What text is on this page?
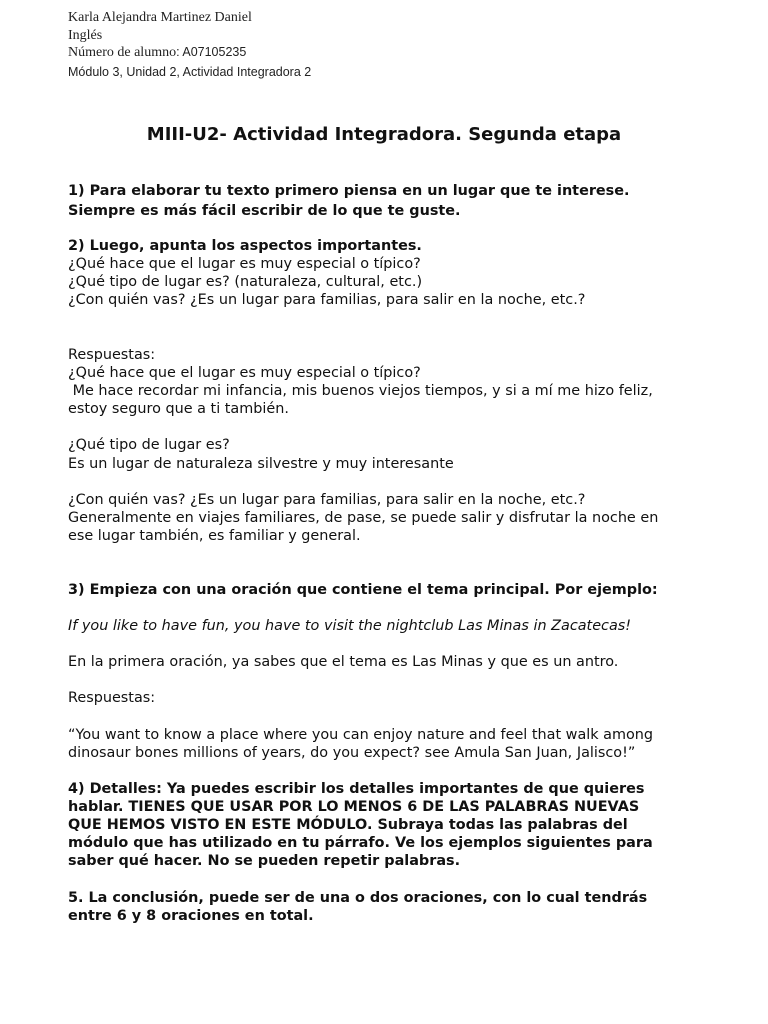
Karla Alejandra Martinez Daniel
Inglés
Número de alumno: A07105235
Módulo 3, Unidad 2, Actividad Integradora 2
MIII-U2- Actividad Integradora. Segunda etapa
1) Para elaborar tu texto primero piensa en un lugar que te interese.
Siempre es más fácil escribir de lo que te guste.
2) Luego, apunta los aspectos importantes.
¿Qué hace que el lugar es muy especial o típico?
¿Qué tipo de lugar es? (naturaleza, cultural, etc.)
¿Con quién vas? ¿Es un lugar para familias, para salir en la noche, etc.?
Respuestas:
¿Qué hace que el lugar es muy especial o típico?
Me hace recordar mi infancia, mis buenos viejos tiempos, y si a mí me hizo feliz,
estoy seguro que a ti también.
¿Qué tipo de lugar es?
Es un lugar de naturaleza silvestre y muy interesante
¿Con quién vas? ¿Es un lugar para familias, para salir en la noche, etc.?
Generalmente en viajes familiares, de pase, se puede salir y disfrutar la noche en
ese lugar también, es familiar y general.
3) Empieza con una oración que contiene el tema principal. Por ejemplo:
If you like to have fun, you have to visit the nightclub Las Minas in Zacatecas!
En la primera oración, ya sabes que el tema es Las Minas y que es un antro.
Respuestas:
“You want to know a place where you can enjoy nature and feel that walk among
dinosaur bones millions of years, do you expect? see Amula San Juan, Jalisco!”
4) Detalles: Ya puedes escribir los detalles importantes de que quieres
hablar. TIENES QUE USAR POR LO MENOS 6 DE LAS PALABRAS NUEVAS
QUE HEMOS VISTO EN ESTE MÓDULO. Subraya todas las palabras del
módulo que has utilizado en tu párrafo. Ve los ejemplos siguientes para
saber qué hacer. No se pueden repetir palabras.
5. La conclusión, puede ser de una o dos oraciones, con lo cual tendrás
entre 6 y 8 oraciones en total.
